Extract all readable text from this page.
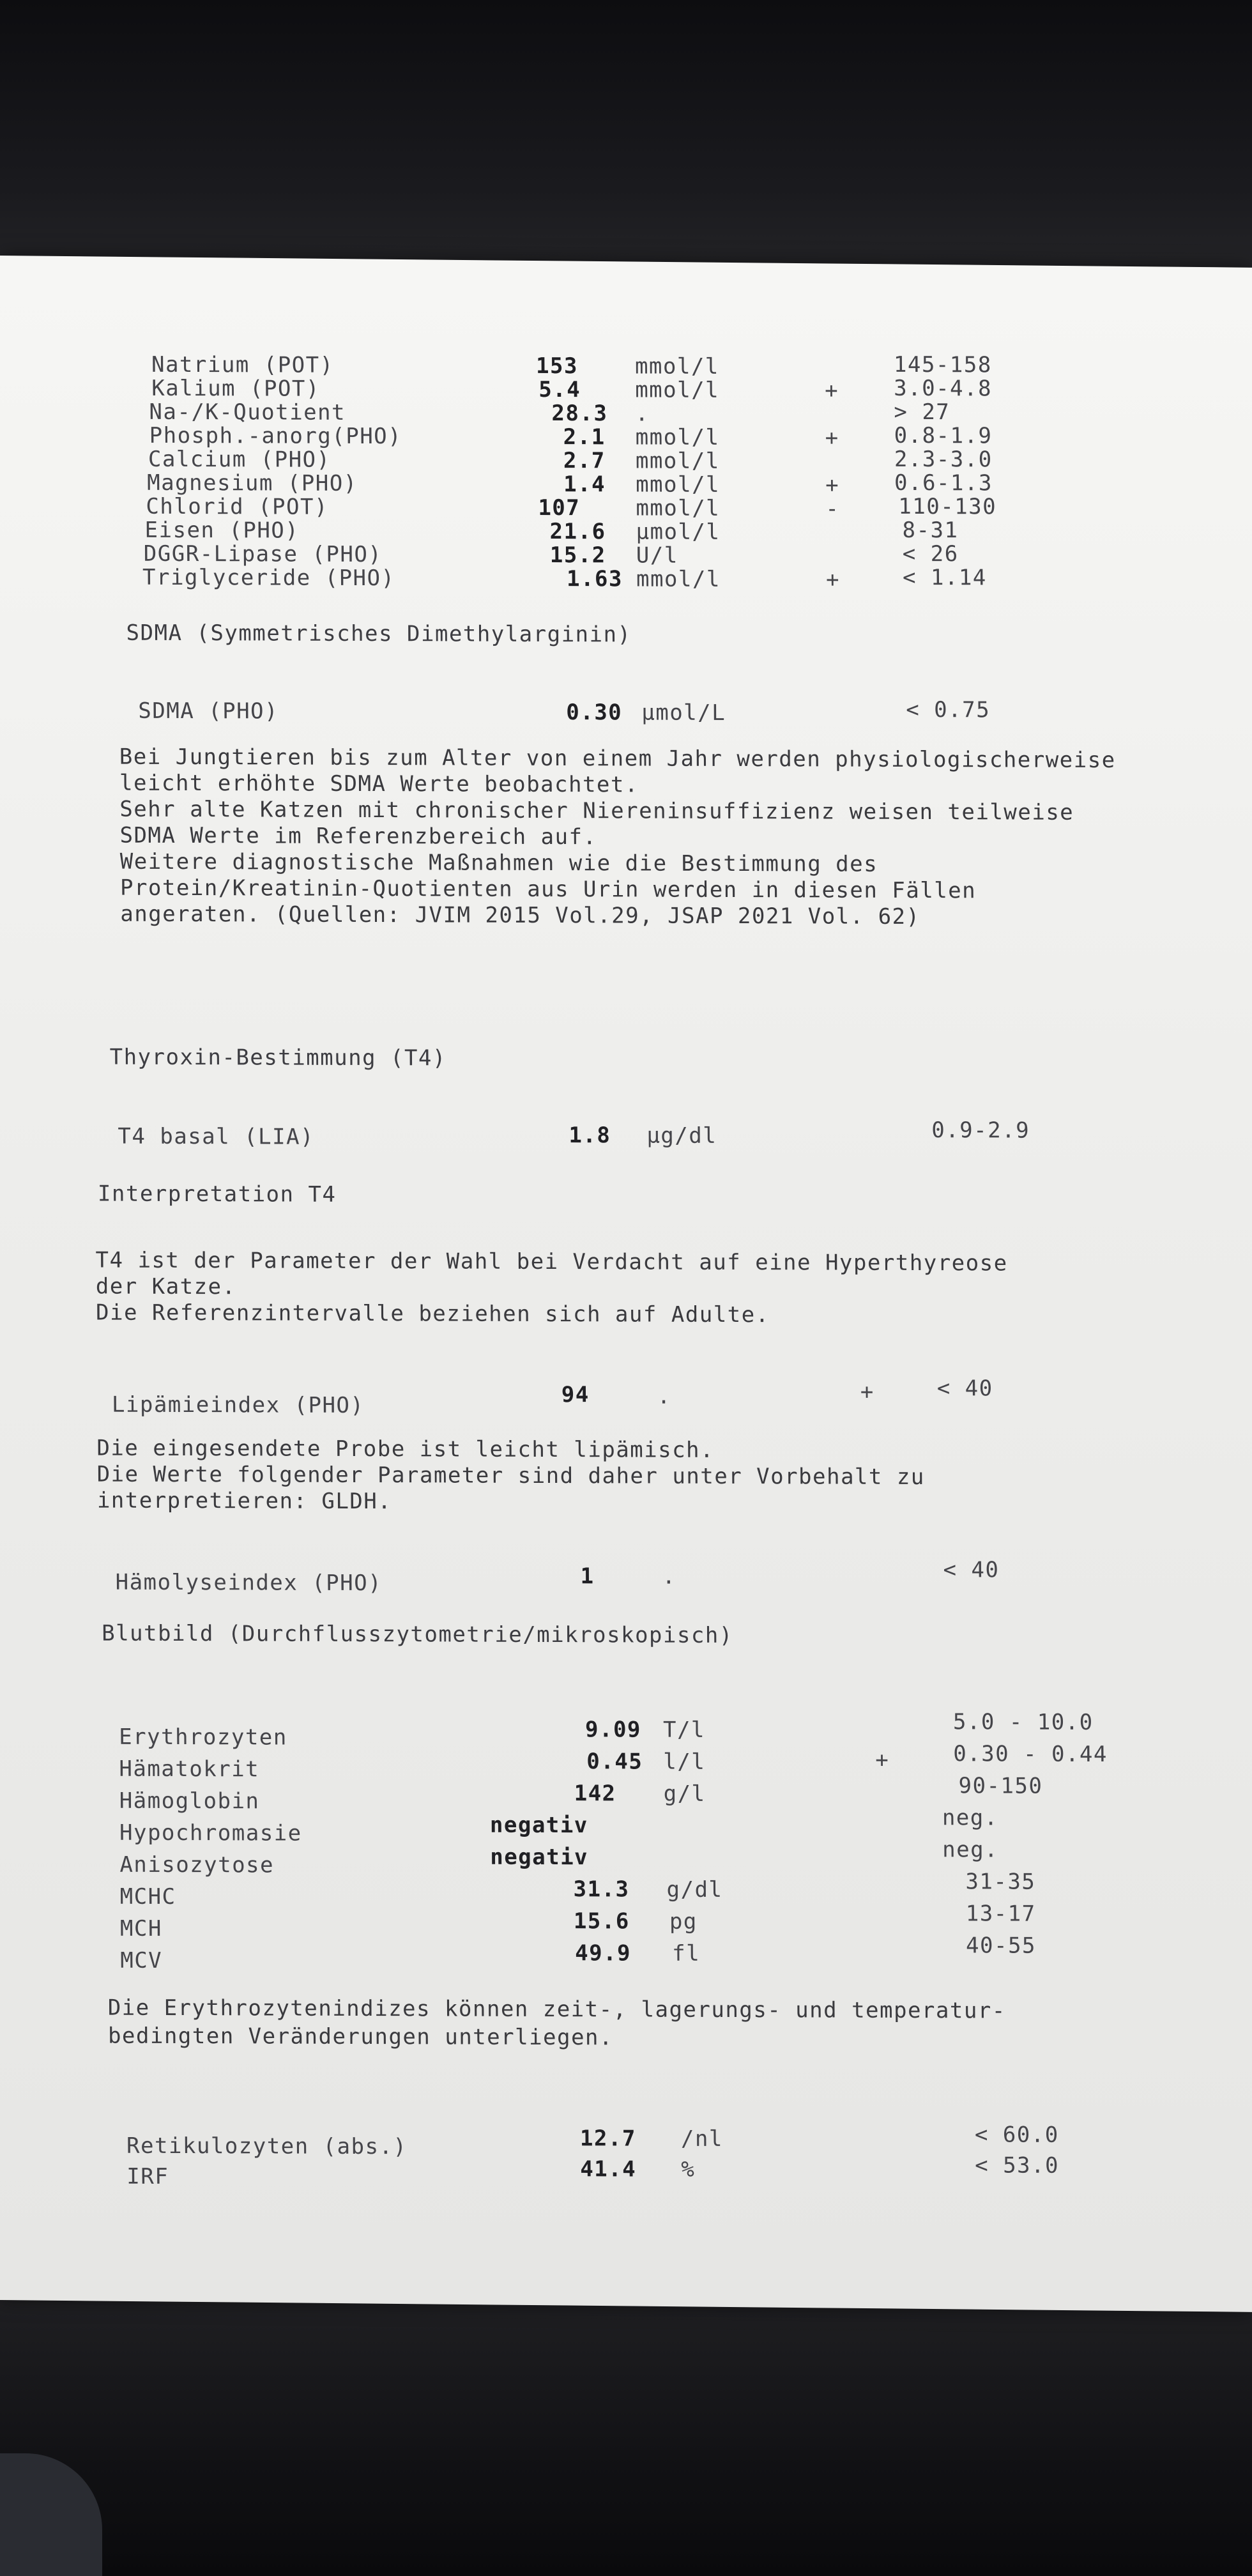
Natrium (POT)	153	mmol/l	145-158
Kalium (POT)	5.4 mmol/l	+	3.0-4.8
Na-/K-Quotient	28.3 .	> 27
Phosph.-anorg(PHO)	2.1 mmol/l	+	0.8-1.9
Calcium (PHO)	2.7 mmol/l	2.3-3.0
Magnesium (PHO)	1.4 mmol/l	+	0.6-1.3
Chlorid (POT)	107	mmol/l	-	110-130
Eisen (PHO)	21.6 µmol/l	8-31
DGGR-Lipase (PHO)	15.2 U/l	< 26
Triglyceride (PHO)	1.63 mmol/l	+	< 1.14
SDMA (Symmetrisches Dimethylarginin)
SDMA (PHO)	0.30 µmol/L	< 0.75
Bei Jungtieren bis zum Alter von einem Jahr werden physiologischerweise
leicht erhöhte SDMA Werte beobachtet.
Sehr alte Katzen mit chronischer Niereninsuffizienz weisen teilweise
SDMA Werte im Referenzbereich auf.
Weitere diagnostische Maßnahmen wie die Bestimmung des
Protein/Kreatinin-Quotienten aus Urin werden in diesen Fällen
angeraten. (Quellen: JVIM 2015 Vol.29, JSAP 2021 Vol. 62)
Thyroxin-Bestimmung (T4)
T4 basal (LIA)	1.8 µg/dl	0.9-2.9
Interpretation T4
T4 ist der Parameter der Wahl bei Verdacht auf eine Hyperthyreose
der Katze.
Die Referenzintervalle beziehen sich auf Adulte.
Lipämieindex (PHO)	94	.	+	< 40
Die eingesendete Probe ist leicht lipämisch.
Die Werte folgender Parameter sind daher unter Vorbehalt zu
interpretieren: GLDH.
Hämolyseindex (PHO)	1	.	< 40
Blutbild (Durchflusszytometrie/mikroskopisch)
Erythrozyten	9.09 T/l	5.0 - 10.0
Hämatokrit	0.45 l/l	+	0.30 - 0.44
Hämoglobin	142 g/l	90-150
Hypochromasie	negativ	neg.
Anisozytose	negativ	neg.
MCHC	31.3 g/dl	31-35
MCH	15.6 pg	13-17
MCV	49.9 fl	40-55
Die Erythrozytenindizes können zeit-, lagerungs- und temperatur-
bedingten Veränderungen unterliegen.
Retikulozyten (abs.)	12.7 /nl	< 60.0
IRF	41.4 %	< 53.0
